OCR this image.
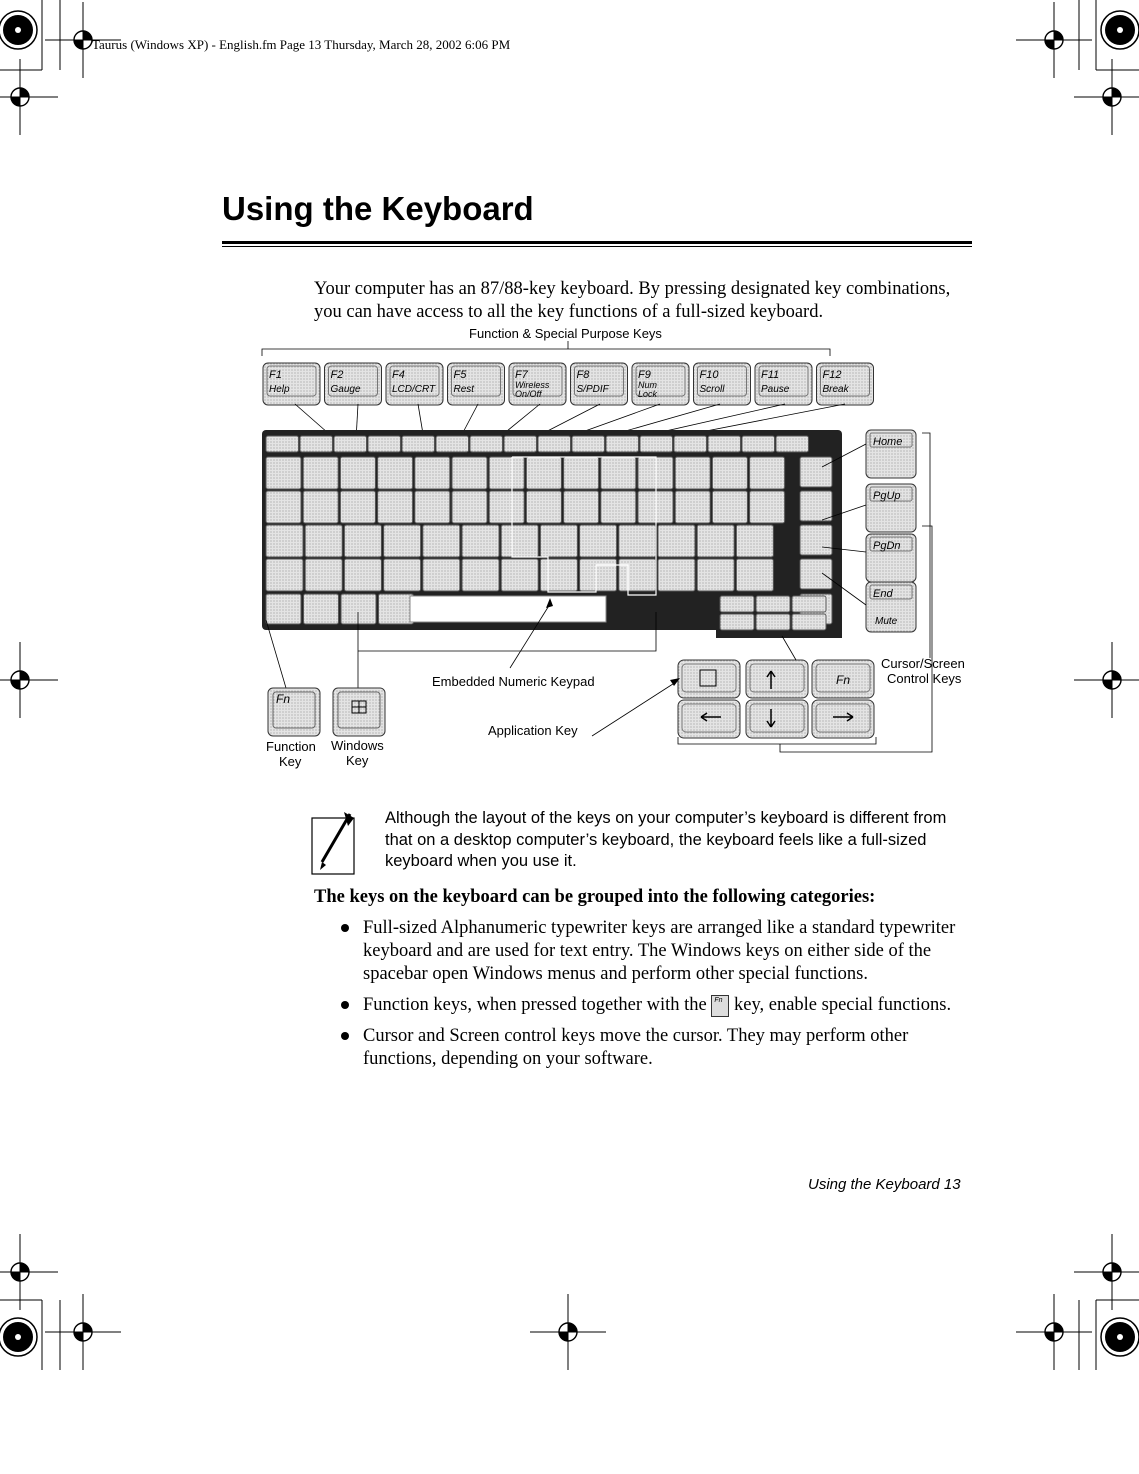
Taurus (Windows XP) - English.fm Page 13 Thursday, March 28, 2002 6:06 PM
Using the Keyboard
Your computer has an 87/88-key keyboard. By pressing designated key combinations, you can have access to all the key functions of a full-sized keyboard.
F1
Help
F2
Gauge
F4
LCD/CRT
F5
Rest
F7
Wireless
On/Off
F8
S/PDIF
F9
Num
Lock
F10
Scroll
F11
Pause
F12
Break
Home
PgUp
PgDn
End
Mute
Fn
Fn
Function & Special Purpose Keys
Cursor/Screen
Control Keys
Embedded Numeric Keypad
Application Key
Function
Key
Windows
Key
Although the layout of the keys on your computer’s keyboard is different from that on a desktop computer’s keyboard, the keyboard feels like a full-sized keyboard when you use it.
The keys on the keyboard can be grouped into the following categories:
Full-sized Alphanumeric typewriter keys are arranged like a standard typewriter keyboard and are used for text entry. The Windows keys on either side of the spacebar open Windows menus and perform other special functions.
Function keys, when pressed together with the Fn key, enable special functions.
Cursor and Screen control keys move the cursor. They may perform other functions, depending on your software.
Using the Keyboard 13
